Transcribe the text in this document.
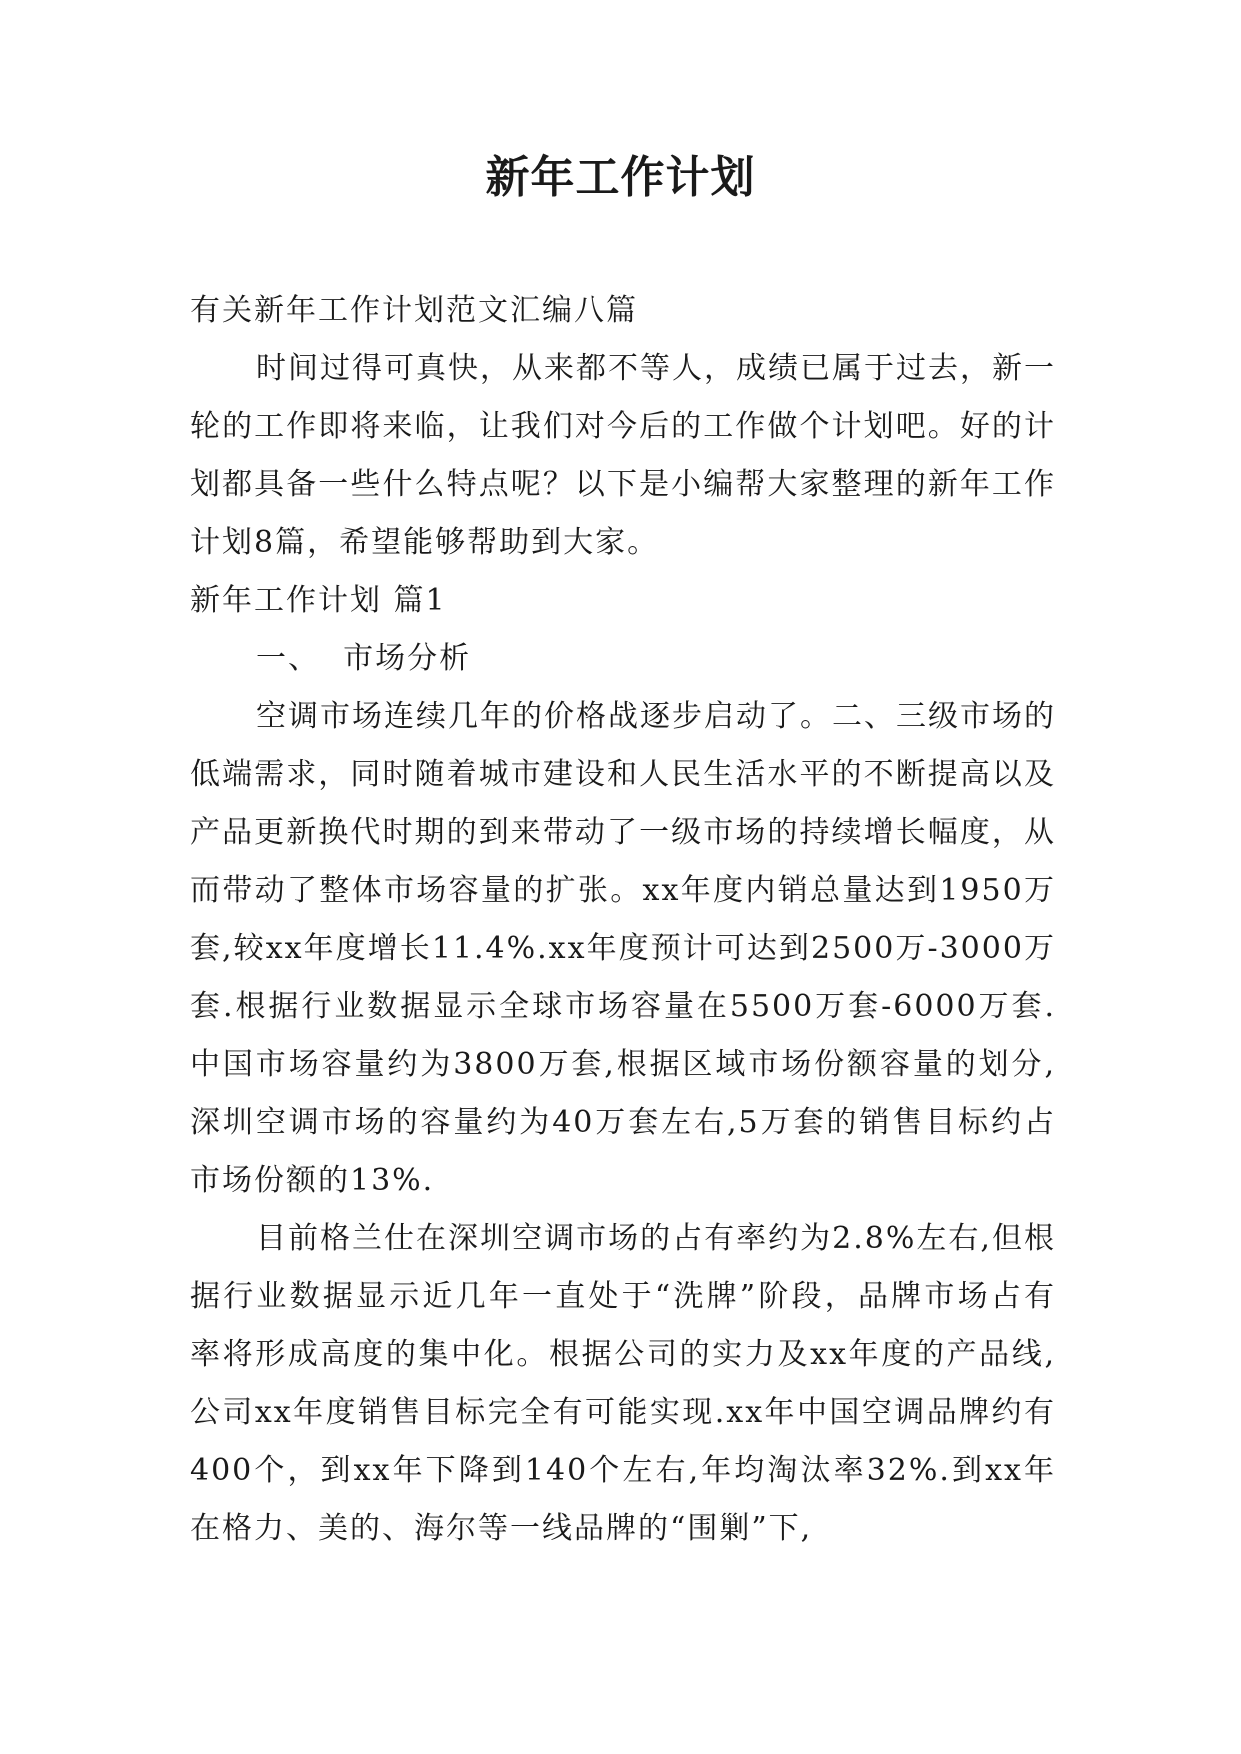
新年工作计划

有关新年工作计划范文汇编八篇

时间过得可真快，从来都不等人，成绩已属于过去，新一轮的工作即将来临，让我们对今后的工作做个计划吧。好的计划都具备一些什么特点呢？以下是小编帮大家整理的新年工作计划8篇，希望能够帮助到大家。

新年工作计划 篇1

一、  市场分析

空调市场连续几年的价格战逐步启动了。二、三级市场的低端需求，同时随着城市建设和人民生活水平的不断提高以及产品更新换代时期的到来带动了一级市场的持续增长幅度，从而带动了整体市场容量的扩张。xx年度内销总量达到1950万套,较xx年度增长11.4%.xx年度预计可达到2500万-3000万套.根据行业数据显示全球市场容量在5500万套-6000万套.中国市场容量约为3800万套,根据区域市场份额容量的划分,深圳空调市场的容量约为40万套左右,5万套的销售目标约占市场份额的13%.

目前格兰仕在深圳空调市场的占有率约为2.8%左右,但根据行业数据显示近几年一直处于“洗牌”阶段，品牌市场占有率将形成高度的集中化。根据公司的实力及xx年度的产品线,公司xx年度销售目标完全有可能实现.xx年中国空调品牌约有400个，到xx年下降到140个左右,年均淘汰率32%.到xx年在格力、美的、海尔等一线品牌的“围剿”下,
